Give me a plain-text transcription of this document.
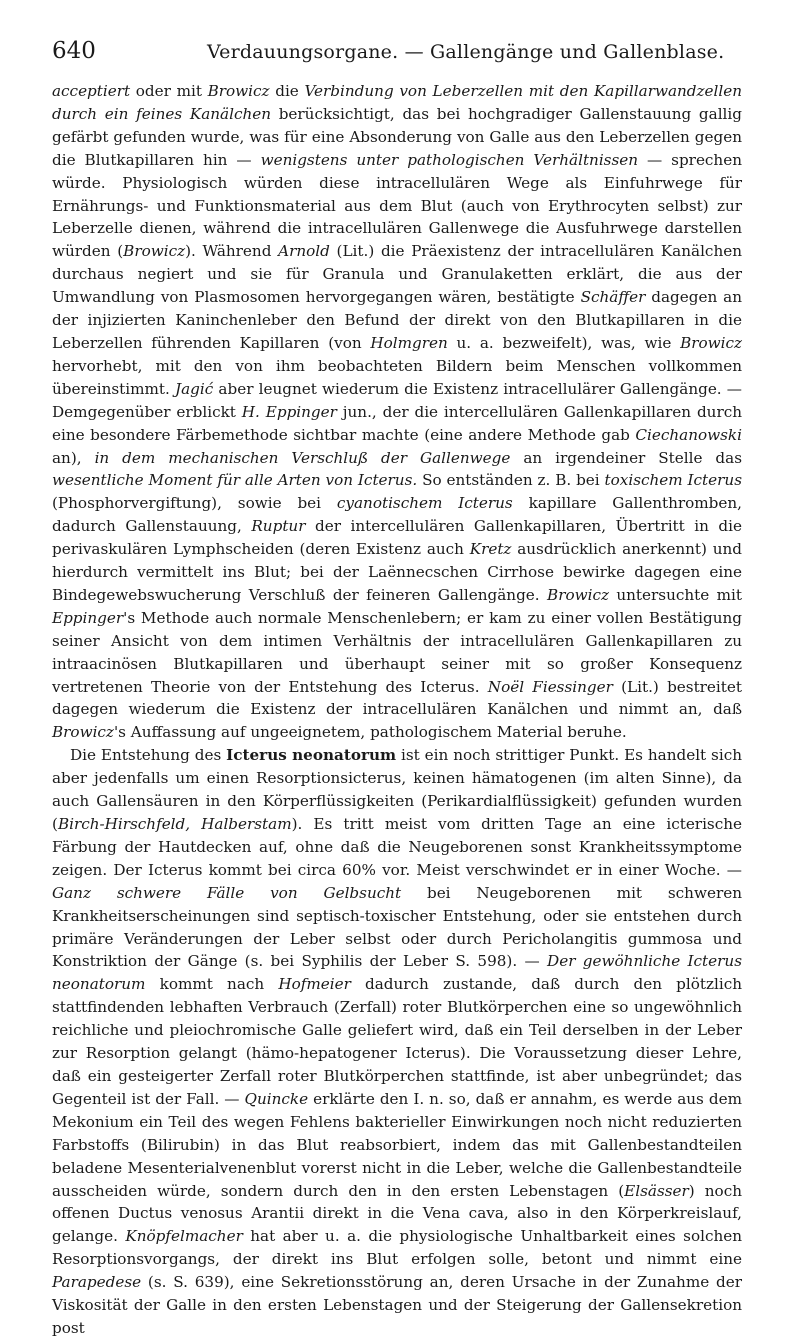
640	Verdauungsorgane. — Gallengänge und Gallenblase.

acceptiert oder mit Browicz die Verbindung von Leberzellen mit den Kapillarwandzellen durch ein feines Kanälchen berücksichtigt, das bei hochgradiger Gallenstauung gallig gefärbt gefunden wurde, was für eine Absonderung von Galle aus den Leberzellen gegen die Blutkapillaren hin — wenigstens unter pathologischen Verhältnissen — sprechen würde. Physiologisch würden diese intracellulären Wege als Einfuhrwege für Ernährungs- und Funktionsmaterial aus dem Blut (auch von Erythrocyten selbst) zur Leberzelle dienen, während die intracellulären Gallenwege die Ausfuhrwege darstellen würden (Browicz). Während Arnold (Lit.) die Präexistenz der intracellulären Kanälchen durchaus negiert und sie für Granula und Granulaketten erklärt, die aus der Umwandlung von Plasmosomen hervorgegangen wären, bestätigte Schäffer dagegen an der injizierten Kaninchenleber den Befund der direkt von den Blutkapillaren in die Leberzellen führenden Kapillaren (von Holmgren u. a. bezweifelt), was, wie Browicz hervorhebt, mit den von ihm beobachteten Bildern beim Menschen vollkommen übereinstimmt. Jagić aber leugnet wiederum die Existenz intracellulärer Gallengänge. — Demgegenüber erblickt H. Eppinger jun., der die intercellulären Gallenkapillaren durch eine besondere Färbemethode sichtbar machte (eine andere Methode gab Ciechanowski an), in dem mechanischen Verschluß der Gallenwege an irgendeiner Stelle das wesentliche Moment für alle Arten von Icterus. So entständen z. B. bei toxischem Icterus (Phosphorvergiftung), sowie bei cyanotischem Icterus kapillare Gallenthromben, dadurch Gallenstauung, Ruptur der intercellulären Gallenkapillaren, Übertritt in die perivaskulären Lymphscheiden (deren Existenz auch Kretz ausdrücklich anerkennt) und hierdurch vermittelt ins Blut; bei der Laënnecschen Cirrhose bewirke dagegen eine Bindegewebswucherung Verschluß der feineren Gallengänge. Browicz untersuchte mit Eppinger's Methode auch normale Menschenlebern; er kam zu einer vollen Bestätigung seiner Ansicht von dem intimen Verhältnis der intracellulären Gallenkapillaren zu intraacinösen Blutkapillaren und überhaupt seiner mit so großer Konsequenz vertretenen Theorie von der Entstehung des Icterus. Noël Fiessinger (Lit.) bestreitet dagegen wiederum die Existenz der intracellulären Kanälchen und nimmt an, daß Browicz's Auffassung auf ungeeignetem, pathologischem Material beruhe.

Die Entstehung des Icterus neonatorum ist ein noch strittiger Punkt. Es handelt sich aber jedenfalls um einen Resorptionsicterus, keinen hämatogenen (im alten Sinne), da auch Gallensäuren in den Körperflüssigkeiten (Perikardialflüssigkeit) gefunden wurden (Birch-Hirschfeld, Halberstam). Es tritt meist vom dritten Tage an eine icterische Färbung der Hautdecken auf, ohne daß die Neugeborenen sonst Krankheitssymptome zeigen. Der Icterus kommt bei circa 60% vor. Meist verschwindet er in einer Woche. — Ganz schwere Fälle von Gelbsucht bei Neugeborenen mit schweren Krankheitserscheinungen sind septisch-toxischer Entstehung, oder sie entstehen durch primäre Veränderungen der Leber selbst oder durch Pericholangitis gummosa und Konstriktion der Gänge (s. bei Syphilis der Leber S. 598). — Der gewöhnliche Icterus neonatorum kommt nach Hofmeier dadurch zustande, daß durch den plötzlich stattfindenden lebhaften Verbrauch (Zerfall) roter Blutkörperchen eine so ungewöhnlich reichliche und pleiochromische Galle geliefert wird, daß ein Teil derselben in der Leber zur Resorption gelangt (hämo-hepatogener Icterus). Die Voraussetzung dieser Lehre, daß ein gesteigerter Zerfall roter Blutkörperchen stattfinde, ist aber unbegründet; das Gegenteil ist der Fall. — Quincke erklärte den I. n. so, daß er annahm, es werde aus dem Mekonium ein Teil des wegen Fehlens bakterieller Einwirkungen noch nicht reduzierten Farbstoffs (Bilirubin) in das Blut reabsorbiert, indem das mit Gallenbestandteilen beladene Mesenterialvenenblut vorerst nicht in die Leber, welche die Gallenbestandteile ausscheiden würde, sondern durch den in den ersten Lebenstagen (Elsässer) noch offenen Ductus venosus Arantii direkt in die Vena cava, also in den Körperkreislauf, gelange. Knöpfelmacher hat aber u. a. die physiologische Unhaltbarkeit eines solchen Resorptionsvorgangs, der direkt ins Blut erfolgen solle, betont und nimmt eine Parapedese (s. S. 639), eine Sekretionsstörung an, deren Ursache in der Zunahme der Viskosität der Galle in den ersten Lebenstagen und der Steigerung der Gallensekretion post
